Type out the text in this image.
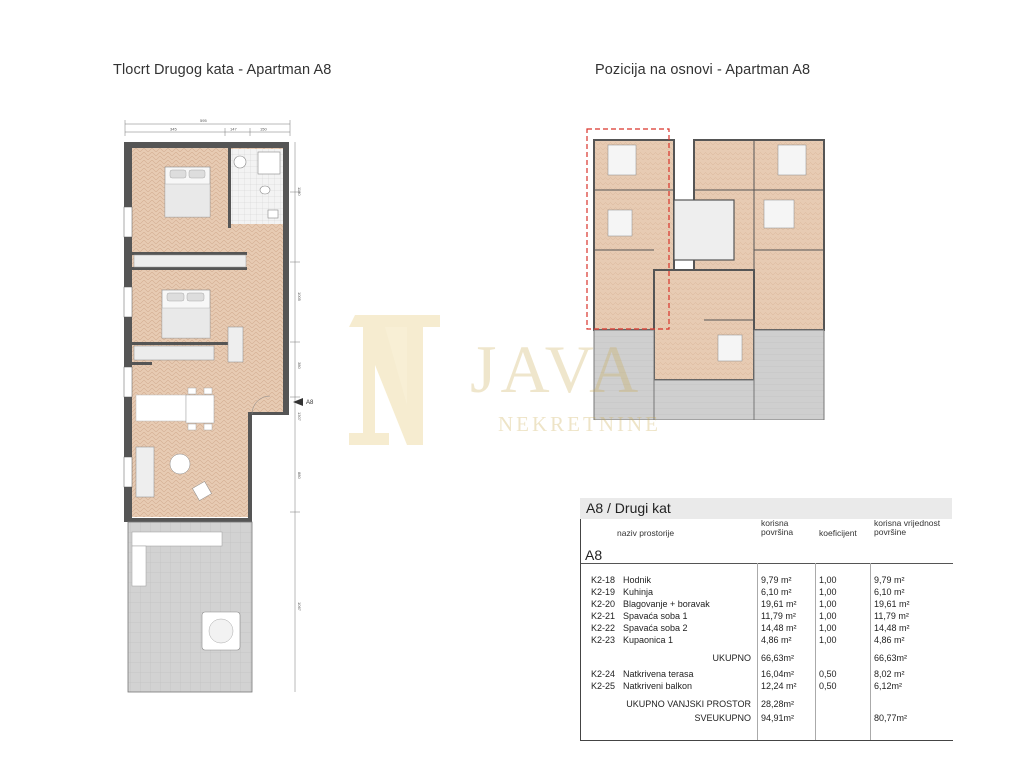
Tlocrt Drugog kata - Apartman A8	Pozicija na osnovi - Apartman A8
595
345	147	150
1180
1005
380
1307
880
1067
A8 JAVA
NEKRETNINE
A8 / Drugi kat
A8
naziv prostorije
korisna
površina	koeficijent
korisna vrijednost
površine
K2-18 Hodnik	9,79 m²	1,00	9,79 m²
K2-19 Kuhinja	6,10 m²	1,00	6,10 m²
K2-20 Blagovanje + boravak	19,61 m² 1,00	19,61 m²
K2-21 Spavaća soba 1	11,79 m²	1,00	11,79 m²
K2-22 Spavaća soba 2	14,48 m² 1,00	14,48 m²
K2-23 Kupaonica 1	4,86 m²	1,00	4,86 m²
UKUPNO 66,63m²	66,63m²
K2-24 Natkrivena terasa	16,04m²	0,50	8,02 m²
K2-25 Natkriveni balkon	12,24 m² 0,50	6,12m²
UKUPNO VANJSKI PROSTOR 28,28m²
SVEUKUPNO 94,91m²	80,77m²
